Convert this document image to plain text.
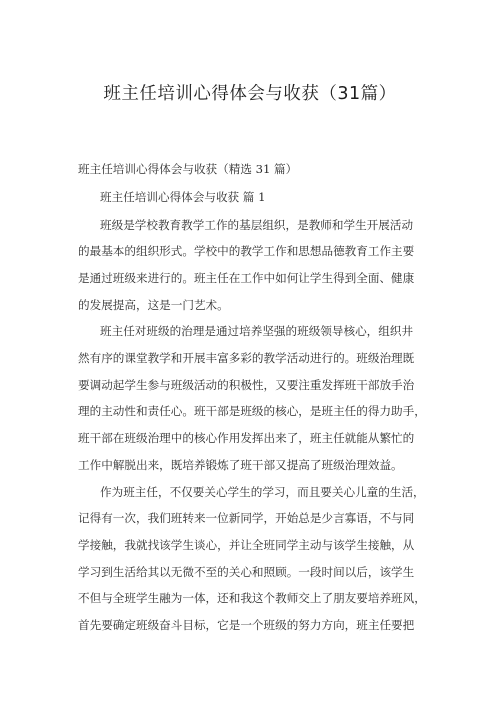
班主任培训心得体会与收获（31篇）

班主任培训心得体会与收获（精选 31 篇）

班主任培训心得体会与收获 篇 1

班级是学校教育教学工作的基层组织，是教师和学生开展活动

的最基本的组织形式。学校中的教学工作和思想品德教育工作主要

是通过班级来进行的。班主任在工作中如何让学生得到全面、健康

的发展提高，这是一门艺术。

班主任对班级的治理是通过培养坚强的班级领导核心，组织井

然有序的课堂教学和开展丰富多彩的教学活动进行的。班级治理既

要调动起学生参与班级活动的积极性，又要注重发挥班干部放手治

理的主动性和责任心。班干部是班级的核心，是班主任的得力助手，

班干部在班级治理中的核心作用发挥出来了，班主任就能从繁忙的

工作中解脱出来，既培养锻炼了班干部又提高了班级治理效益。

作为班主任，不仅要关心学生的学习，而且要关心儿童的生活，

记得有一次，我们班转来一位新同学，开始总是少言寡语，不与同

学接触，我就找该学生谈心，并让全班同学主动与该学生接触，从

学习到生活给其以无微不至的关心和照顾。一段时间以后，该学生

不但与全班学生融为一体，还和我这个教师交上了朋友要培养班风，

首先要确定班级奋斗目标，它是一个班级的努力方向，班主任要把
